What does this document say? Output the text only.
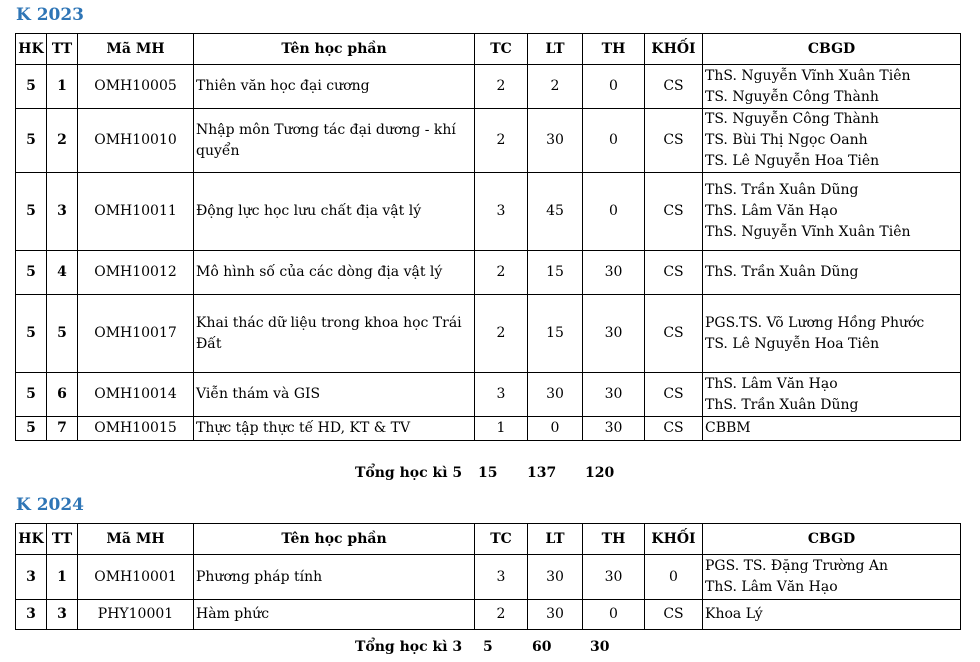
K 2023
HK	TT	Mã MH	Tên học phần	TC	LT	TH	KHỐI	CBGD
5	1	OMH10005	Thiên văn học đại cương	2	2	0	CS	ThS. Nguyễn Vĩnh Xuân Tiên
TS. Nguyễn Công Thành

5	2	OMH10010	Nhập môn Tương tác đại dương - khí
quyển	2	30	0	CS	TS. Nguyễn Công Thành
TS. Bùi Thị Ngọc Oanh
TS. Lê Nguyễn Hoa Tiên

5	3	OMH10011	Động lực học lưu chất địa vật lý	3	45	0	CS	ThS. Trần Xuân Dũng
ThS. Lâm Văn Hạo
ThS. Nguyễn Vĩnh Xuân Tiên

5	4	OMH10012	Mô hình số của các dòng địa vật lý	2	15	30	CS	ThS. Trần Xuân Dũng

5	5	OMH10017	Khai thác dữ liệu trong khoa học Trái
Đất	2	15	30	CS	PGS.TS. Võ Lương Hồng Phước
TS. Lê Nguyễn Hoa Tiên

5	6	OMH10014	Viễn thám và GIS	3	30	30	CS	ThS. Lâm Văn Hạo
ThS. Trần Xuân Dũng

5	7	OMH10015	Thực tập thực tế HD, KT & TV	1	0	30	CS	CBBM
Tổng học kì 5 15 137 120
K 2024
HK	TT	Mã MH	Tên học phần	TC	LT	TH	KHỐI	CBGD
3	1	OMH10001	Phương pháp tính	3	30	30	0	PGS. TS. Đặng Trường An
ThS. Lâm Văn Hạo

3	3	PHY10001	Hàm phức	2	30	0	CS	Khoa Lý
Tổng học kì 3 5	60	30
